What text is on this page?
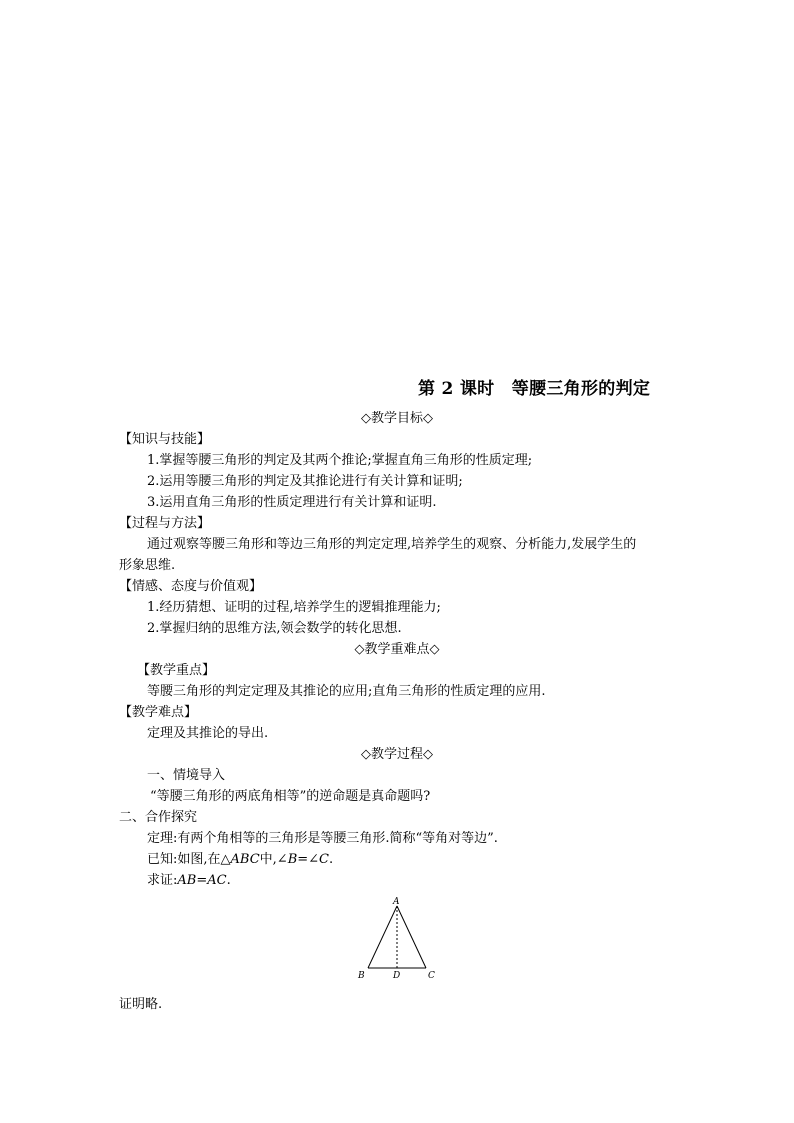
第 2 课时　等腰三角形的判定
◇教学目标◇
【知识与技能】
1.掌握等腰三角形的判定及其两个推论;掌握直角三角形的性质定理;
2.运用等腰三角形的判定及其推论进行有关计算和证明;
3.运用直角三角形的性质定理进行有关计算和证明.
【过程与方法】
通过观察等腰三角形和等边三角形的判定定理,培养学生的观察、分析能力,发展学生的
形象思维.
【情感、态度与价值观】
1.经历猜想、证明的过程,培养学生的逻辑推理能力;
2.掌握归纳的思维方法,领会数学的转化思想.
◇教学重难点◇
【教学重点】
等腰三角形的判定定理及其推论的应用;直角三角形的性质定理的应用.
【教学难点】
定理及其推论的导出.
◇教学过程◇
一、情境导入
“等腰三角形的两底角相等”的逆命题是真命题吗?
二、合作探究
定理:有两个角相等的三角形是等腰三角形.简称“等角对等边”.
已知:如图,在△ABC中,∠B=∠C.
求证:AB=AC.
A
B	C
D
证明略.
